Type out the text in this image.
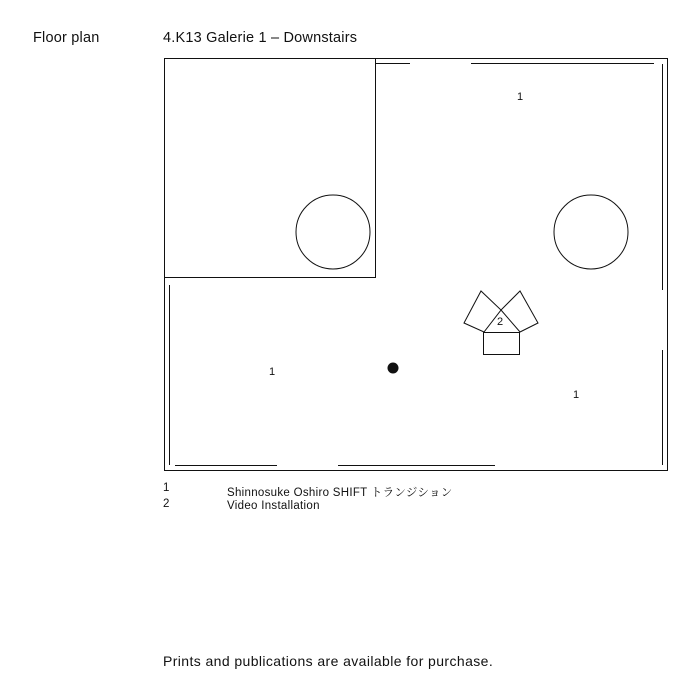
Floor plan	4.K13 Galerie 1 – Downstairs
1
1
1
2
1	Shinnosuke Oshiro SHIFT トランジション
2	Video Installation
Prints and publications are available for purchase.
